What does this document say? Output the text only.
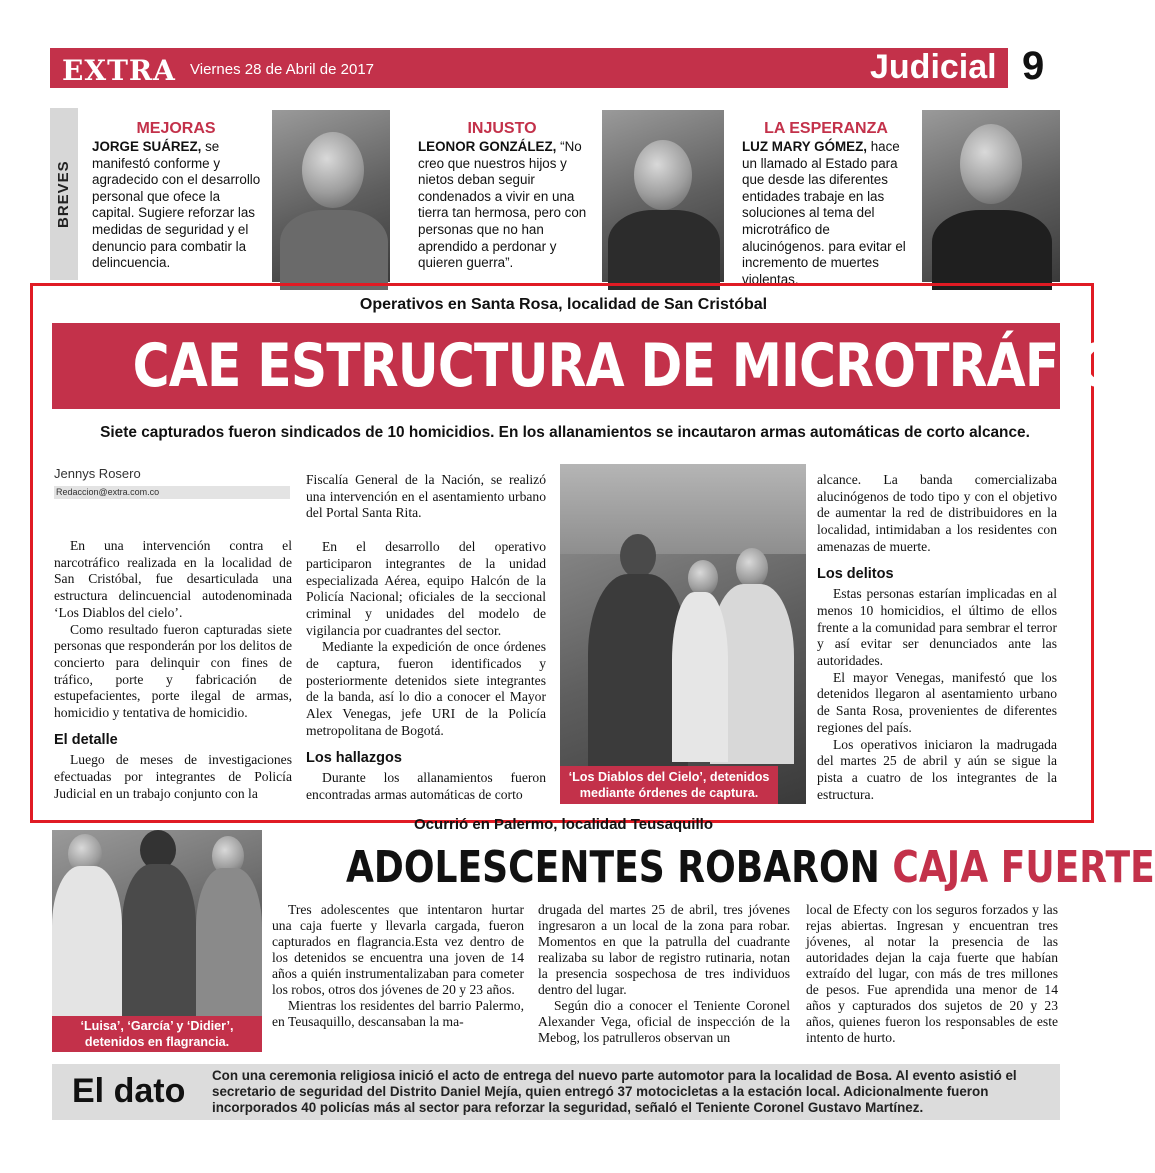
EXTRA Viernes 28 de Abril de 2017	Judicial 9
BREVES
MEJORAS
JORGE SUÁREZ, se manifestó conforme y agradecido con el desarrollo personal que ofece la capital. Sugiere reforzar las medidas de seguridad y el denuncio para combatir la delincuencia.
INJUSTO
LEONOR GONZÁLEZ, “No creo que nuestros hijos y nietos deban seguir condenados a vivir en una tierra tan hermosa, pero con personas que no han aprendido a perdonar y quieren guerra”.
LA ESPERANZA
LUZ MARY GÓMEZ, hace un llamado al Estado para que desde las diferentes entidades trabaje en las soluciones al tema del microtráfico de alucinógenos. para evitar el incremento de muertes violentas.
Operativos en Santa Rosa, localidad de San Cristóbal
CAE ESTRUCTURA DE MICROTRÁFICO
Siete capturados fueron sindicados de 10 homicidios. En los allanamientos se incautaron armas automáticas de corto alcance.
Jennys Rosero
Redaccion@extra.com.co

En una intervención contra el narcotráfico realizada en la localidad de San Cristóbal, fue desarticulada una estructura delincuencial autodenominada ‘Los Diablos del cielo’.

Como resultado fueron capturadas siete personas que responderán por los delitos de concierto para delinquir con fines de tráfico, porte y fabricación de estupefacientes, porte ilegal de armas, homicidio y tentativa de homicidio.

El detalle

Luego de meses de investigaciones efectuadas por integrantes de Policía Judicial en un trabajo conjunto con la

Fiscalía General de la Nación, se realizó una intervención en el asentamiento urbano del Portal Santa Rita.

En el desarrollo del operativo participaron integrantes de la unidad especializada Aérea, equipo Halcón de la Policía Nacional; oficiales de la seccional criminal y unidades del modelo de vigilancia por cuadrantes del sector.

Mediante la expedición de once órdenes de captura, fueron identificados y posteriormente detenidos siete integrantes de la banda, así lo dio a conocer el Mayor Alex Venegas, jefe URI de la Policía metropolitana de Bogotá.

Los hallazgos

Durante los allanamientos fueron encontradas armas automáticas de corto

‘Los Diablos del Cielo’, detenidos mediante órdenes de captura.

alcance. La banda comercializaba alucinógenos de todo tipo y con el objetivo de aumentar la red de distribuidores en la localidad, intimidaban a los residentes con amenazas de muerte.

Los delitos

Estas personas estarían implicadas en al menos 10 homicidios, el último de ellos frente a la comunidad para sembrar el terror y así evitar ser denunciados ante las autoridades.

El mayor Venegas, manifestó que los detenidos llegaron al asentamiento urbano de Santa Rosa, provenientes de diferentes regiones del país.

Los operativos iniciaron la madrugada del martes 25 de abril y aún se sigue la pista a cuatro de los integrantes de la estructura.

Ocurrió en Palermo, localidad Teusaquillo
ADOLESCENTES ROBARON CAJA FUERTE
‘Luisa’, ‘García’ y ‘Didier’, detenidos en flagrancia.

Tres adolescentes que intentaron hurtar una caja fuerte y llevarla cargada, fueron capturados en flagrancia.Esta vez dentro de los detenidos se encuentra una joven de 14 años a quién instrumentalizaban para cometer los robos, otros dos jóvenes de 20 y 23 años.

Mientras los residentes del barrio Palermo, en Teusaquillo, descansaban la ma-

drugada del martes 25 de abril, tres jóvenes ingresaron a un local de la zona para robar. Momentos en que la patrulla del cuadrante realizaba su labor de registro rutinaria, notan la presencia sospechosa de tres individuos dentro del lugar.

Según dio a conocer el Teniente Coronel Alexander Vega, oficial de inspección de la Mebog, los patrulleros observan un

local de Efecty con los seguros forzados y las rejas abiertas. Ingresan y encuentran tres jóvenes, al notar la presencia de las autoridades dejan la caja fuerte que habían extraído del lugar, con más de tres millones de pesos. Fue aprendida una menor de 14 años y capturados dos sujetos de 20 y 23 años, quienes fueron los responsables de este intento de hurto.

El dato Con una ceremonia religiosa inició el acto de entrega del nuevo parte automotor para la localidad de Bosa. Al evento asistió el secretario de seguridad del Distrito Daniel Mejía, quien entregó 37 motocicletas a la estación local. Adicionalmente fueron incorporados 40 policías más al sector para reforzar la seguridad, señaló el Teniente Coronel Gustavo Martínez.
